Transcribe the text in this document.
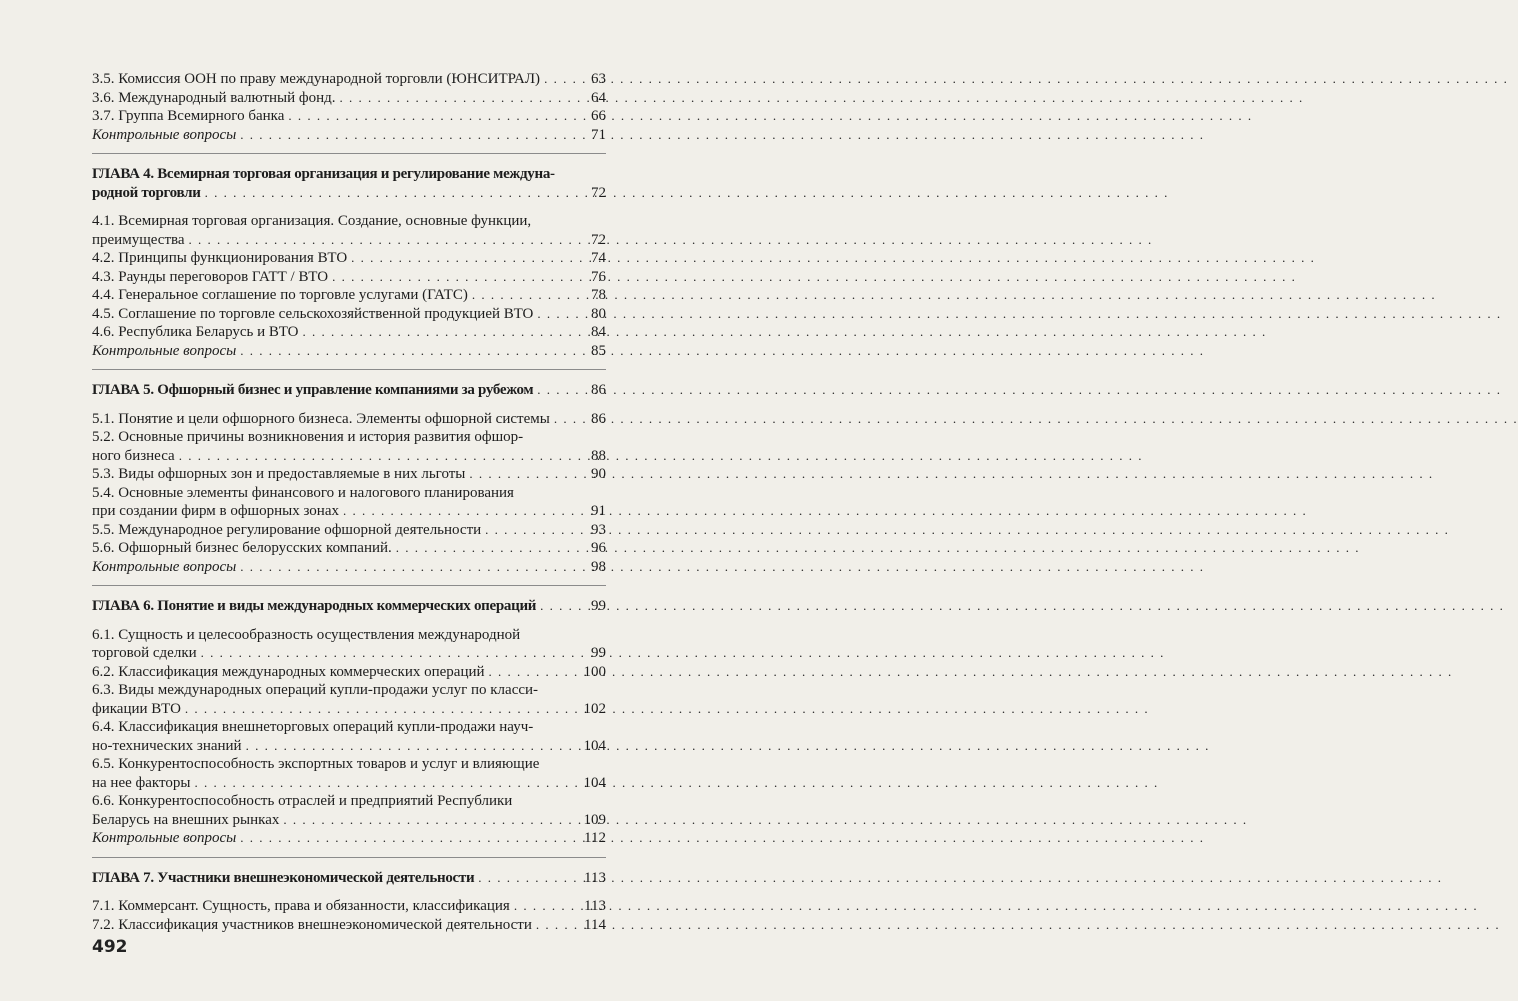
3.5. Комиссия ООН по праву международной торговли (ЮНСИТРАЛ) . . .	63
3.6. Международный валютный фонд. . . .	64
3.7. Группа Всемирного банка . . .	66
Контрольные вопросы . . .	71
ГЛАВА 4. Всемирная торговая организация и регулирование междуна-
родной торговли . . .	72
4.1. Всемирная торговая организация. Создание, основные функции,
преимущества . . .	72
4.2. Принципы функционирования ВТО . . .	74
4.3. Раунды переговоров ГАТТ / ВТО . . .	76
4.4. Генеральное соглашение по торговле услугами (ГАТС) . . .	78
4.5. Соглашение по торговле сельскохозяйственной продукцией ВТО . . .	80
4.6. Республика Беларусь и ВТО . . .	84
Контрольные вопросы . . .	85
ГЛАВА 5. Офшорный бизнес и управление компаниями за рубежом . . .	86
5.1. Понятие и цели офшорного бизнеса. Элементы офшорной системы . . .	86
5.2. Основные причины возникновения и история развития офшор-
ного бизнеса . . .	88
5.3. Виды офшорных зон и предоставляемые в них льготы . . .	90
5.4. Основные элементы финансового и налогового планирования
при создании фирм в офшорных зонах . . .	91
5.5. Международное регулирование офшорной деятельности . . .	93
5.6. Офшорный бизнес белорусских компаний. . . .	96
Контрольные вопросы . . .	98
ГЛАВА 6. Понятие и виды международных коммерческих операций . . .	99
6.1. Сущность и целесообразность осуществления международной
торговой сделки . . .	99
6.2. Классификация международных коммерческих операций . . .	100
6.3. Виды международных операций купли-продажи услуг по класси-
фикации ВТО . . .	102
6.4. Классификация внешнеторговых операций купли-продажи науч-
но-технических знаний . . .	104
6.5. Конкурентоспособность экспортных товаров и услуг и влияющие
на нее факторы . . .	104
6.6. Конкурентоспособность отраслей и предприятий Республики
Беларусь на внешних рынках . . .	109
Контрольные вопросы . . .	112
ГЛАВА 7. Участники внешнеэкономической деятельности . . .	113
7.1. Коммерсант. Сущность, права и обязанности, классификация . . .	113
7.2. Классификация участников внешнеэкономической деятельности . . .	114
492
